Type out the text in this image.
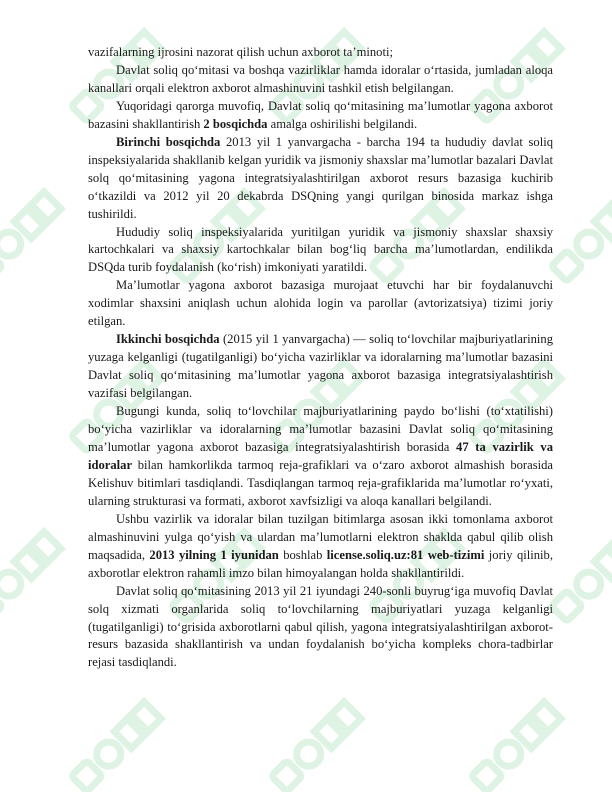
vazifalarning ijrosini nazorat qilish uchun axborot ta’minoti;

Davlat soliq qo‘mitasi va boshqa vazirliklar hamda idoralar o‘rtasida, jumladan aloqa kanallari orqali elektron axborot almashinuvini tashkil etish belgilangan.

Yuqoridagi qarorga muvofiq, Davlat soliq qo‘mitasining ma’lumotlar yagona axborot bazasini shakllantirish 2 bosqichda amalga oshirilishi belgilandi.

Birinchi bosqichda 2013 yil 1 yanvargacha - barcha 194 ta hududiy davlat soliq inspeksiyalarida shakllanib kelgan yuridik va jismoniy shaxslar ma’lumotlar bazalari Davlat solq qo‘mitasining yagona integratsiyalashtirilgan axborot resurs bazasiga kuchirib o‘tkazildi va 2012 yil 20 dekabrda DSQning yangi qurilgan binosida markaz ishga tushirildi.

Hududiy soliq inspeksiyalarida yuritilgan yuridik va jismoniy shaxslar shaxsiy kartochkalari va shaxsiy kartochkalar bilan bog‘liq barcha ma’lumotlardan, endilikda DSQda turib foydalanish (ko‘rish) imkoniyati yaratildi.

Ma’lumotlar yagona axborot bazasiga murojaat etuvchi har bir foydalanuvchi xodimlar shaxsini aniqlash uchun alohida login va parollar (avtorizatsiya) tizimi joriy etilgan.

Ikkinchi bosqichda (2015 yil 1 yanvargacha) — soliq to‘lovchilar majburiyatlarining yuzaga kelganligi (tugatilganligi) bo‘yicha vazirliklar va idoralarning ma’lumotlar bazasini Davlat soliq qo‘mitasining ma’lumotlar yagona axborot bazasiga integratsiyalashtirish vazifasi belgilangan.

Bugungi kunda, soliq to‘lovchilar majburiyatlarining paydo bo‘lishi (to‘xtatilishi) bo‘yicha vazirliklar va idoralarning ma’lumotlar bazasini Davlat soliq qo‘mitasining ma’lumotlar yagona axborot bazasiga integratsiyalashtirish borasida 47 ta vazirlik va idoralar bilan hamkorlikda tarmoq reja-grafiklari va o‘zaro axborot almashish borasida Kelishuv bitimlari tasdiqlandi. Tasdiqlangan tarmoq reja-grafiklarida ma’lumotlar ro‘yxati, ularning strukturasi va formati, axborot xavfsizligi va aloqa kanallari belgilandi.

Ushbu vazirlik va idoralar bilan tuzilgan bitimlarga asosan ikki tomonlama axborot almashinuvini yulga qo‘yish va ulardan ma’lumotlarni elektron shaklda qabul qilib olish maqsadida, 2013 yilning 1 iyunidan boshlab license.soliq.uz:81 web-tizimi joriy qilinib, axborotlar elektron rahamli imzo bilan himoyalangan holda shakllantirildi.

Davlat soliq qo‘mitasining 2013 yil 21 iyundagi 240-sonli buyrug‘iga muvofiq Davlat solq xizmati organlarida soliq to‘lovchilarning majburiyatlari yuzaga kelganligi (tugatilganligi) to‘grisida axborotlarni qabul qilish, yagona integratsiyalashtirilgan axborot-resurs bazasida shakllantirish va undan foydalanish bo‘yicha kompleks chora-tadbirlar rejasi tasdiqlandi.
